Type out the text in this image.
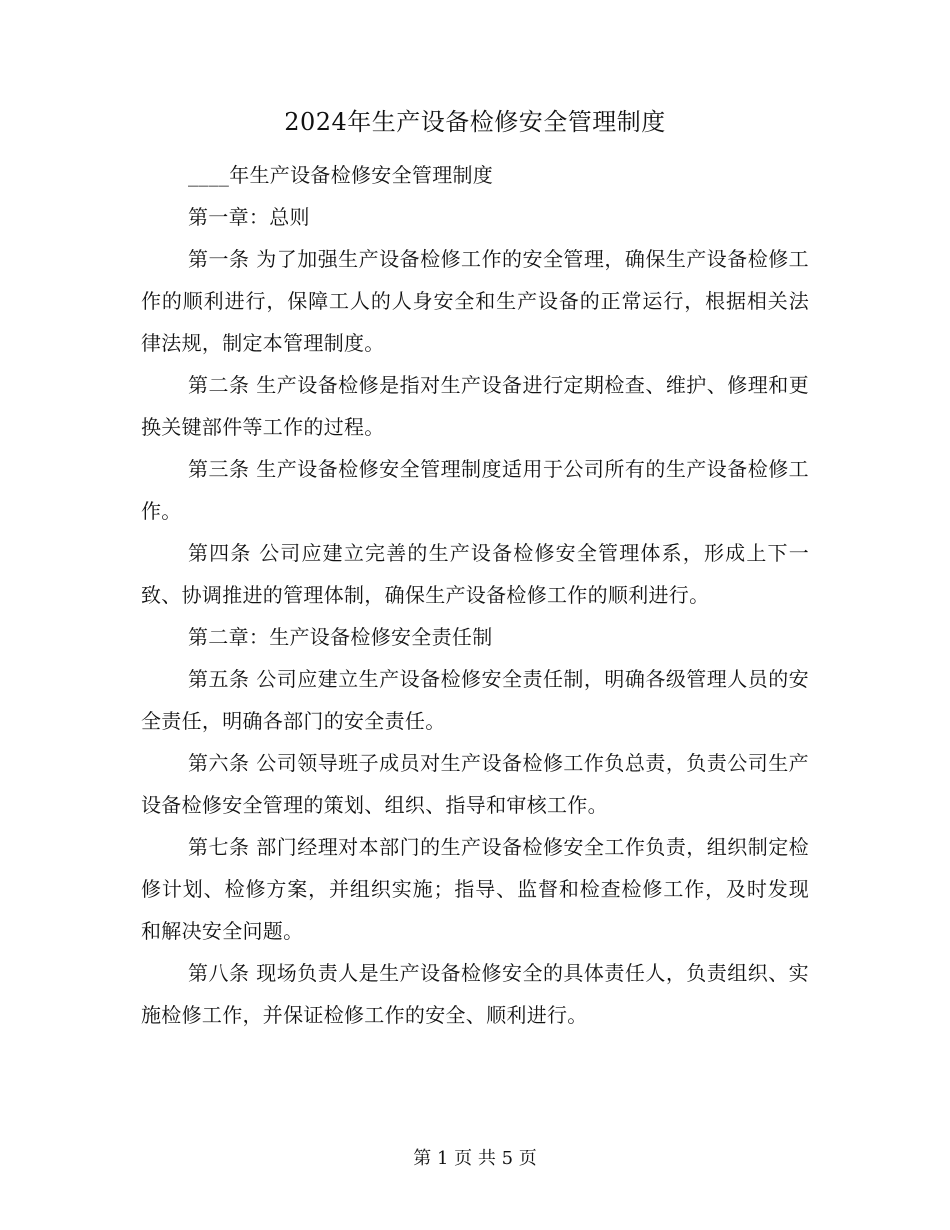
2024年生产设备检修安全管理制度

____年生产设备检修安全管理制度

第一章：总则

第一条 为了加强生产设备检修工作的安全管理，确保生产设备检修工作的顺利进行，保障工人的人身安全和生产设备的正常运行，根据相关法律法规，制定本管理制度。

第二条 生产设备检修是指对生产设备进行定期检查、维护、修理和更换关键部件等工作的过程。

第三条 生产设备检修安全管理制度适用于公司所有的生产设备检修工作。

第四条 公司应建立完善的生产设备检修安全管理体系，形成上下一致、协调推进的管理体制，确保生产设备检修工作的顺利进行。

第二章：生产设备检修安全责任制

第五条 公司应建立生产设备检修安全责任制，明确各级管理人员的安全责任，明确各部门的安全责任。

第六条 公司领导班子成员对生产设备检修工作负总责，负责公司生产设备检修安全管理的策划、组织、指导和审核工作。

第七条 部门经理对本部门的生产设备检修安全工作负责，组织制定检修计划、检修方案，并组织实施；指导、监督和检查检修工作，及时发现和解决安全问题。

第八条 现场负责人是生产设备检修安全的具体责任人，负责组织、实施检修工作，并保证检修工作的安全、顺利进行。

第 1 页 共 5 页
